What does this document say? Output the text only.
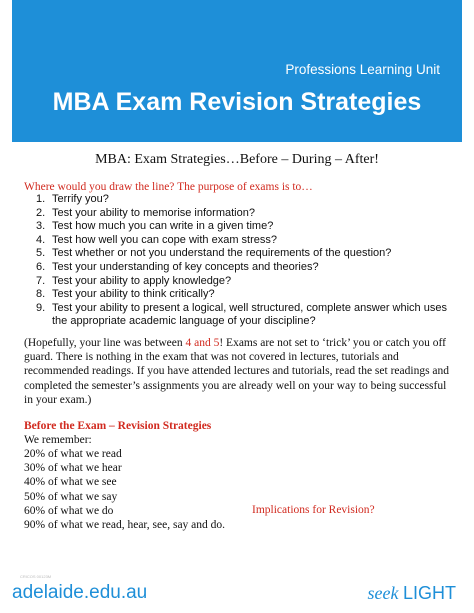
Professions Learning Unit
MBA Exam Revision Strategies
MBA: Exam Strategies…Before – During – After!
Where would you draw the line? The purpose of exams is to…
1. Terrify you?
2. Test your ability to memorise information?
3. Test how much you can write in a given time?
4. Test how well you can cope with exam stress?
5. Test whether or not you understand the requirements of the question?
6. Test your understanding of key concepts and theories?
7. Test your ability to apply knowledge?
8. Test your ability to think critically?
9. Test your ability to present a logical, well structured, complete answer which uses the appropriate academic language of your discipline?
(Hopefully, your line was between 4 and 5! Exams are not set to ‘trick’ you or catch you off guard. There is nothing in the exam that was not covered in lectures, tutorials and recommended readings. If you have attended lectures and tutorials, read the set readings and completed the semester’s assignments you are already well on your way to being successful in your exam.)
Before the Exam – Revision Strategies
We remember:
20% of what we read
30% of what we hear
40% of what we see
50% of what we say
60% of what we do
90% of what we read, hear, see, say and do.
Implications for Revision?
CRICOS 00123M
adelaide.edu.au	seek LIGHT
